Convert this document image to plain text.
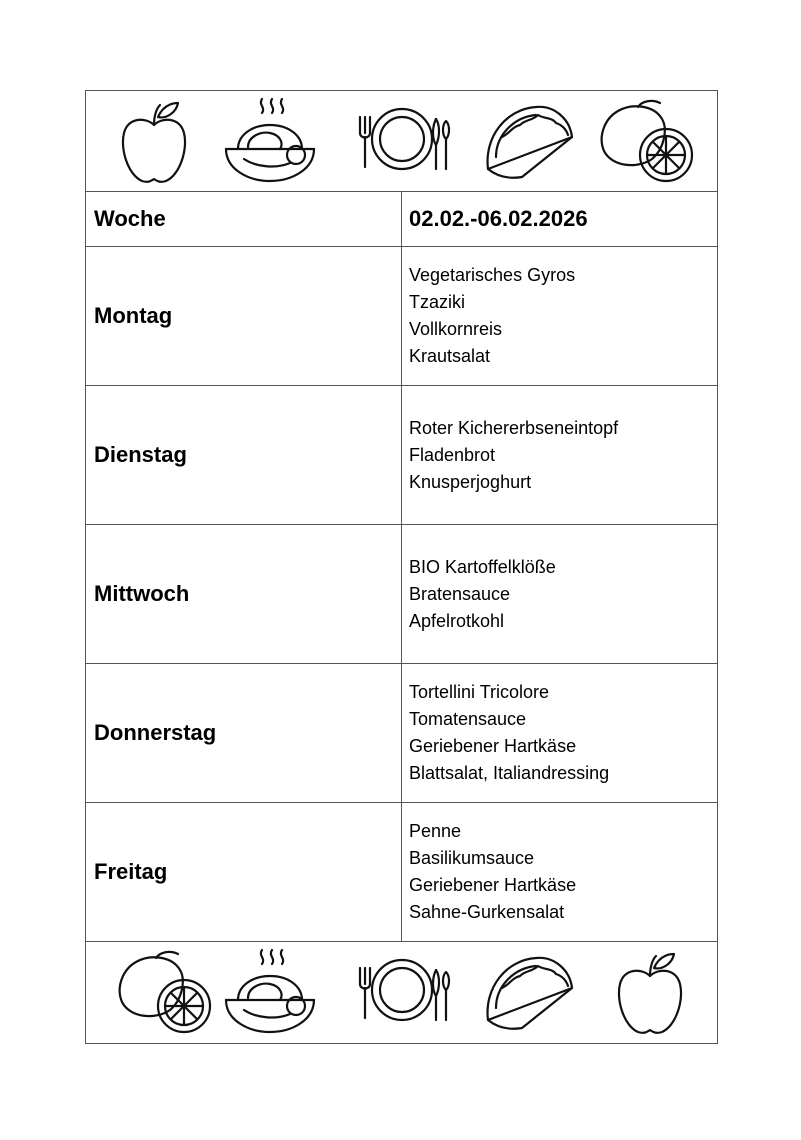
Woche	02.02.-06.02.2026
Montag
Vegetarisches Gyros
Tzaziki
Vollkornreis
Krautsalat
Dienstag
Roter Kichererbseneintopf
Fladenbrot
Knusperjoghurt
Mittwoch
BIO Kartoffelklöße
Bratensauce
Apfelrotkohl
Donnerstag
Tortellini Tricolore
Tomatensauce
Geriebener Hartkäse
Blattsalat, Italiandressing
Freitag
Penne
Basilikumsauce
Geriebener Hartkäse
Sahne-Gurkensalat
